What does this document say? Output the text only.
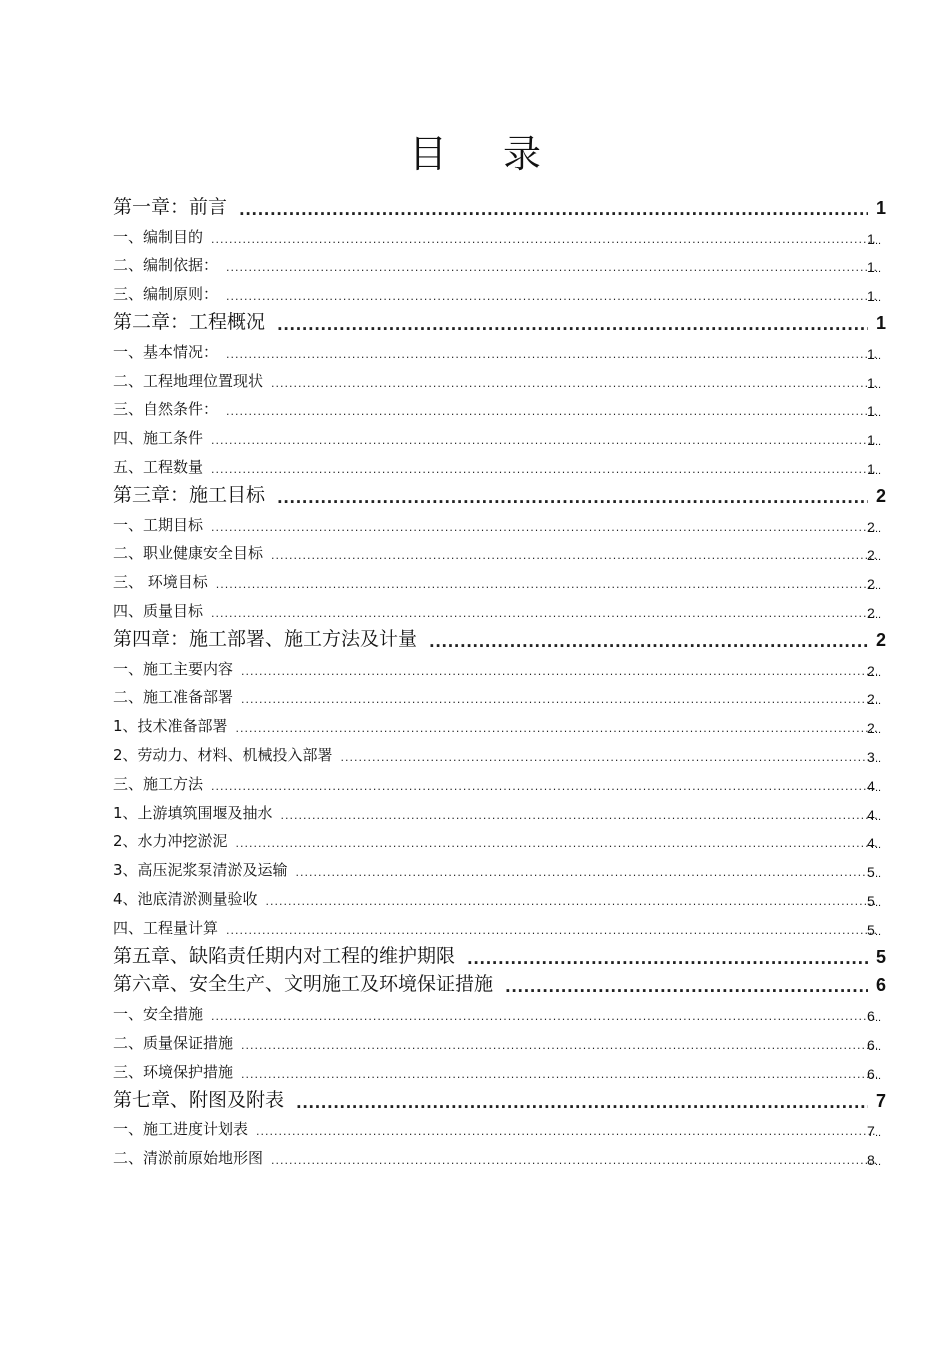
目 录
第一章：前言 .....	1
一、编制目的 .....	1 ..
二、编制依据： .....	1 ..
三、编制原则： .....	1 ..
第二章：工程概况 .....	1
一、基本情况： .....	1 ..
二、工程地理位置现状 .....	1 ..
三、自然条件： .....	1 ..
四、施工条件 .....	1 ..
五、工程数量 .....	1 ..
第三章：施工目标 .....	2
一、工期目标 .....	2 ..
二、职业健康安全目标 .....	2 ..
三、 环境目标 .....	2 ..
四、质量目标 .....	2 ..
第四章：施工部署、施工方法及计量 .....	2
一、施工主要内容 .....	2 ..
二、施工准备部署 .....	2 ..
1、技术准备部署 .....	2 ..
2、劳动力、材料、机械投入部署 .....	3 ..
三、施工方法 .....	4 ..
1、上游填筑围堰及抽水 .....	4 ..
2、水力冲挖淤泥 .....	4 ..
3、高压泥浆泵清淤及运输 .....	5 ..
4、池底清淤测量验收 .....	5 ..
四、工程量计算 .....	5 ..
第五章、缺陷责任期内对工程的维护期限 .....	5
第六章、安全生产、文明施工及环境保证措施 .....	6
一、安全措施 .....	6 ..
二、质量保证措施 .....	6 ..
三、环境保护措施 .....	6 ..
第七章、附图及附表 .....	7
一、施工进度计划表 .....	7 ..
二、清淤前原始地形图 .....	8 ..
